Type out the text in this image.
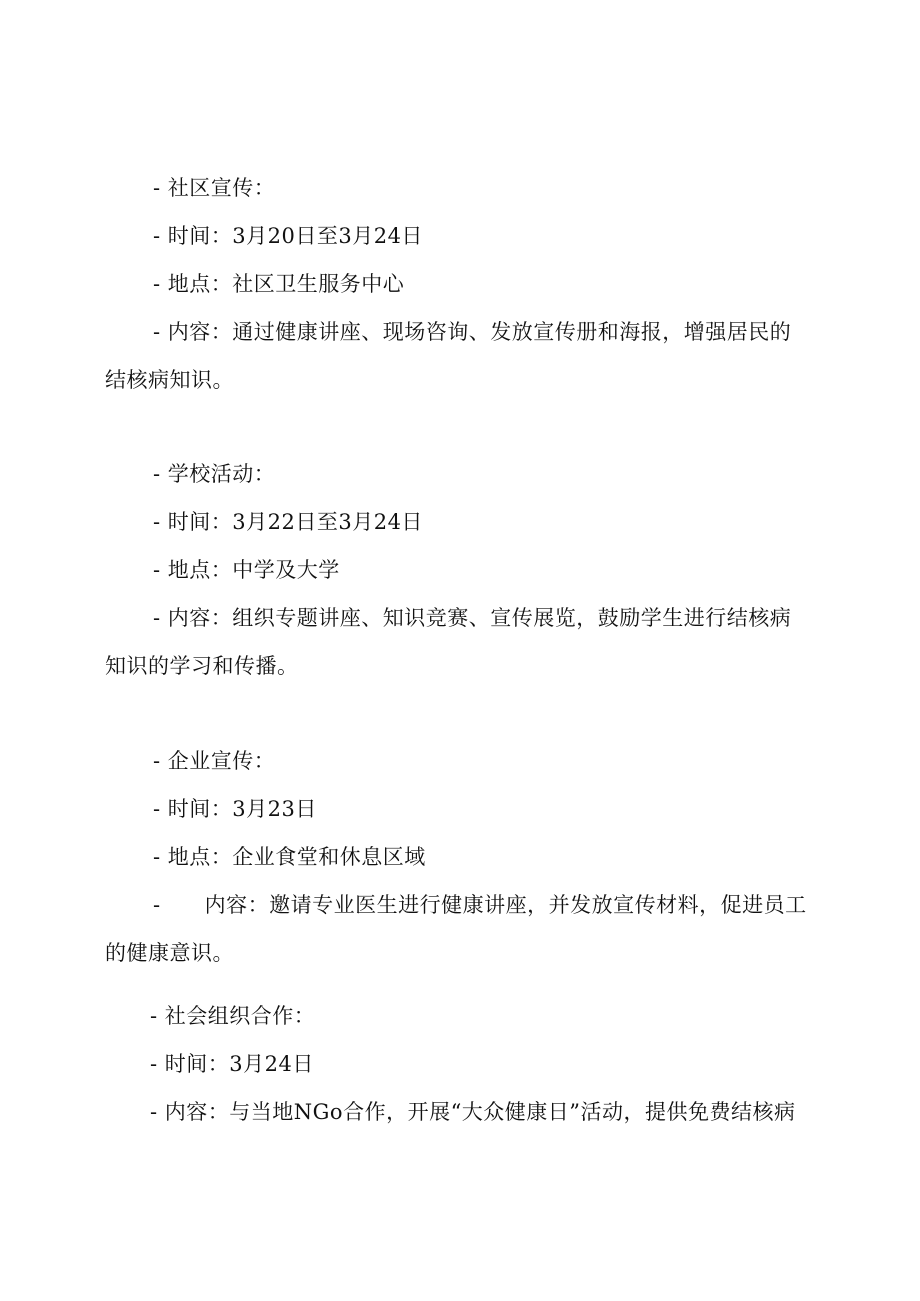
- 社区宣传：
- 时间：3月20日至3月24日
- 地点：社区卫生服务中心
- 内容：通过健康讲座、现场咨询、发放宣传册和海报，增强居民的
结核病知识。
- 学校活动：
- 时间：3月22日至3月24日
- 地点：中学及大学
- 内容：组织专题讲座、知识竞赛、宣传展览，鼓励学生进行结核病
知识的学习和传播。
- 企业宣传：
- 时间：3月23日
- 地点：企业食堂和休息区域
- 内容：邀请专业医生进行健康讲座，并发放宣传材料，促进员工
的健康意识。
- 社会组织合作：
- 时间：3月24日
- 内容：与当地NGo合作，开展“大众健康日”活动，提供免费结核病
